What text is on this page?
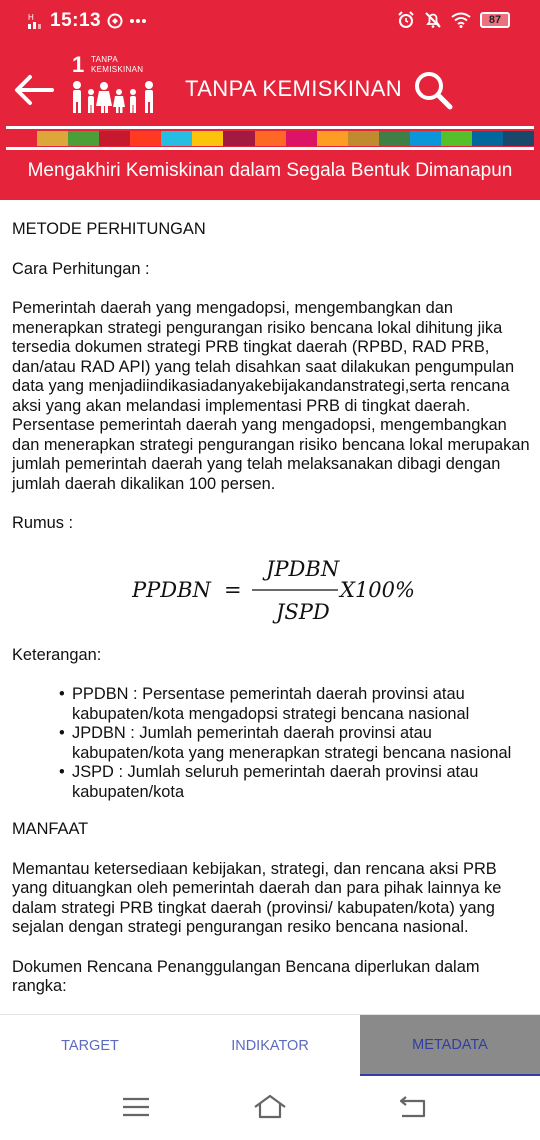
H 15:13	87
1 TANPA
KEMISKINAN
TANPA KEMISKINAN
Mengakhiri Kemiskinan dalam Segala Bentuk Dimanapun
METODE PERHITUNGAN
Cara Perhitungan :

Pemerintah daerah yang mengadopsi, mengembangkan dan menerapkan strategi pengurangan risiko bencana lokal dihitung jika tersedia dokumen strategi PRB tingkat daerah (RPBD, RAD PRB, dan/atau RAD API) yang telah disahkan saat dilakukan pengumpulan data yang menjadiindikasiadanyakebijakandanstrategi,serta rencana aksi yang akan melandasi implementasi PRB di tingkat daerah. Persentase pemerintah daerah yang mengadopsi, mengembangkan dan menerapkan strategi pengurangan risiko bencana lokal merupakan jumlah pemerintah daerah yang telah melaksanakan dibagi dengan jumlah daerah dikalikan 100 persen.

Rumus :
PPDBN =
JPDBN
JSPD
X100%
Keterangan:
• PPDBN : Persentase pemerintah daerah provinsi atau kabupaten/kota mengadopsi strategi bencana nasional
• JPDBN : Jumlah pemerintah daerah provinsi atau kabupaten/kota yang menerapkan strategi bencana nasional
• JSPD : Jumlah seluruh pemerintah daerah provinsi atau kabupaten/kota
MANFAAT

Memantau ketersediaan kebijakan, strategi, dan rencana aksi PRB yang dituangkan oleh pemerintah daerah dan para pihak lainnya ke dalam strategi PRB tingkat daerah (provinsi/ kabupaten/kota) yang sejalan dengan strategi pengurangan resiko bencana nasional.

Dokumen Rencana Penanggulangan Bencana diperlukan dalam rangka:

TARGET	INDIKATOR	METADATA
